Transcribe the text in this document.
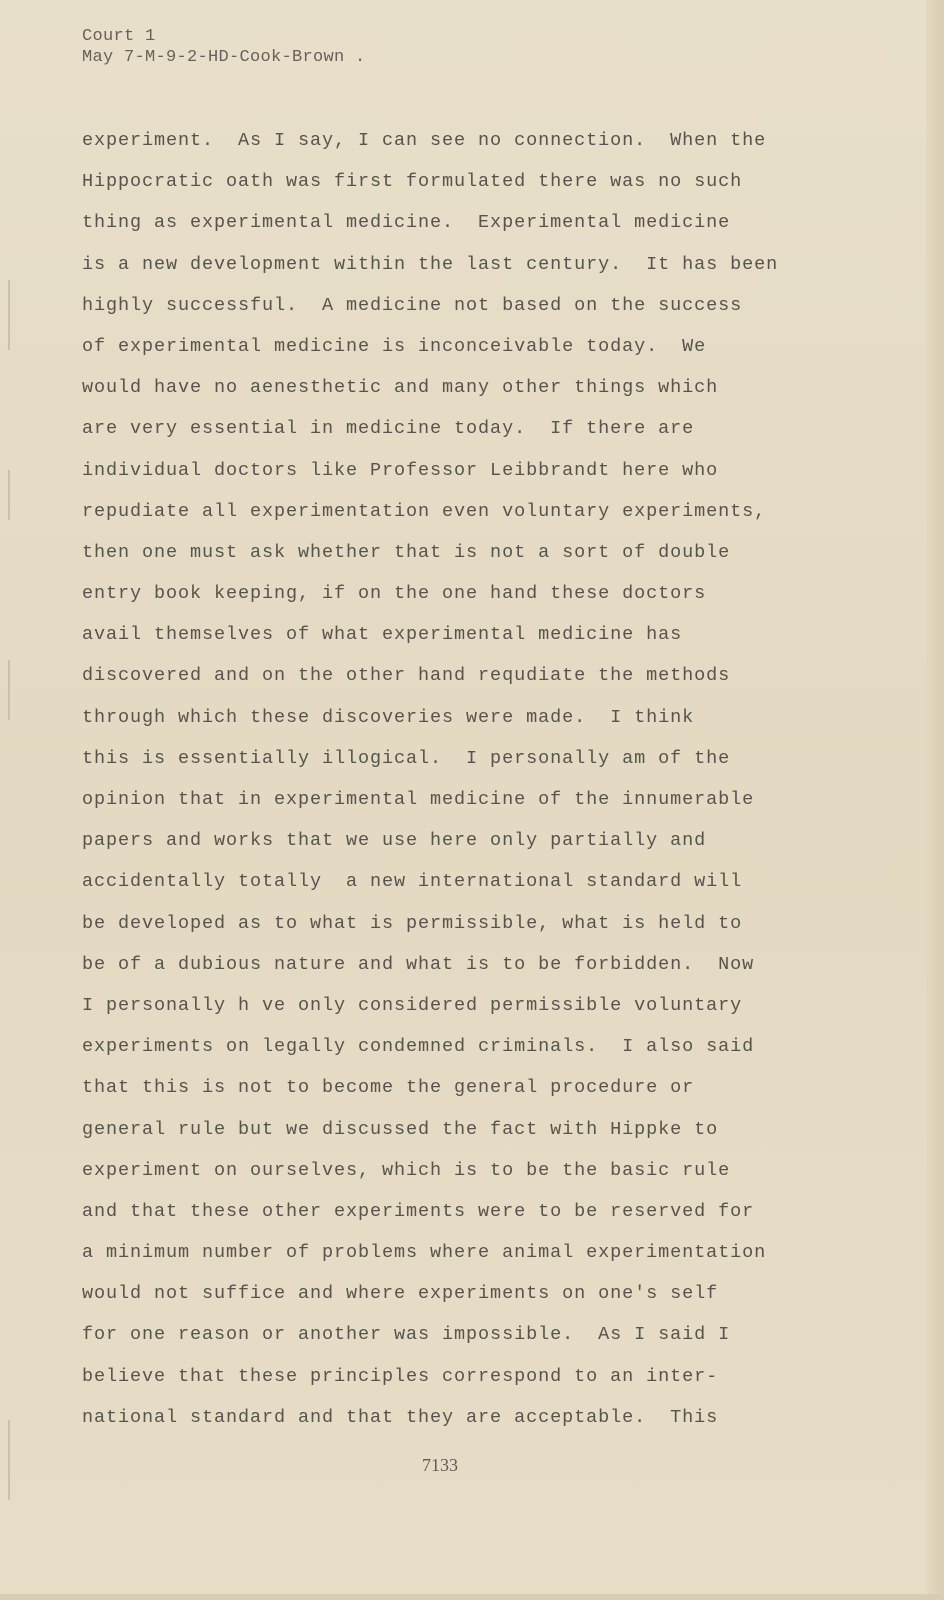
Court 1
May 7-M-9-2-HD-Cook-Brown .
experiment.  As I say, I can see no connection.  When the
Hippocratic oath was first formulated there was no such
thing as experimental medicine.  Experimental medicine
is a new development within the last century.  It has been
highly successful.  A medicine not based on the success
of experimental medicine is inconceivable today.  We
would have no aenesthetic and many other things which
are very essential in medicine today.  If there are
individual doctors like Professor Leibbrandt here who
repudiate all experimentation even voluntary experiments,
then one must ask whether that is not a sort of double
entry book keeping, if on the one hand these doctors
avail themselves of what experimental medicine has
discovered and on the other hand requdiate the methods
through which these discoveries were made.  I think
this is essentially illogical.  I personally am of the
opinion that in experimental medicine of the innumerable
papers and works that we use here only partially and
accidentally totally  a new international standard will
be developed as to what is permissible, what is held to
be of a dubious nature and what is to be forbidden.  Now
I personally h ve only considered permissible voluntary
experiments on legally condemned criminals.  I also said
that this is not to become the general procedure or
general rule but we discussed the fact with Hippke to
experiment on ourselves, which is to be the basic rule
and that these other experiments were to be reserved for
a minimum number of problems where animal experimentation
would not suffice and where experiments on one's self
for one reason or another was impossible.  As I said I
believe that these principles correspond to an inter-
national standard and that they are acceptable.  This
7133
